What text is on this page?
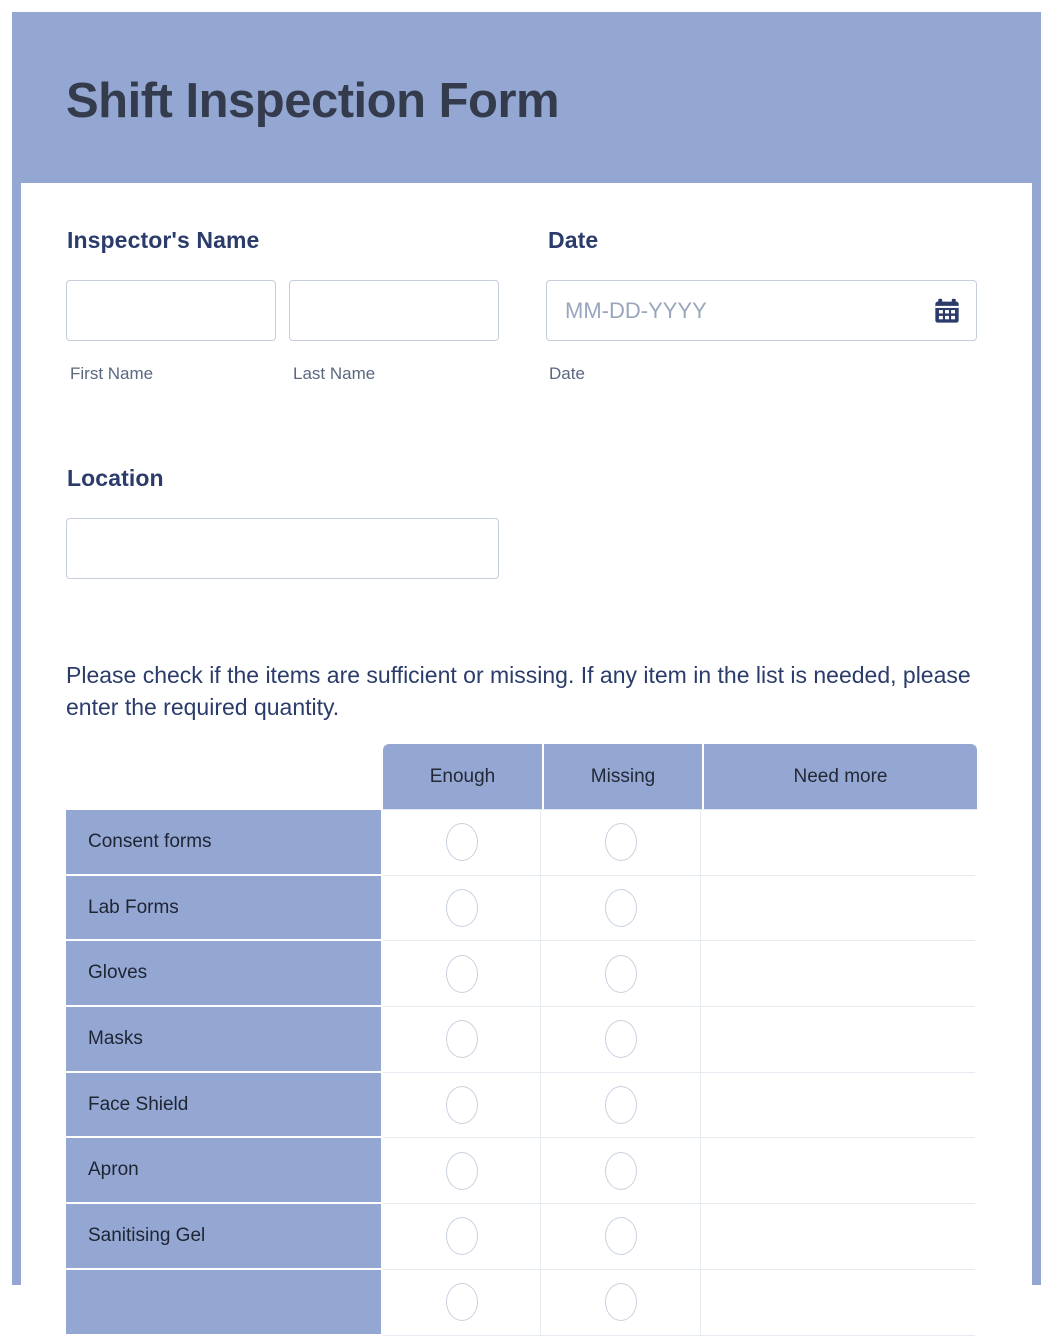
Shift Inspection Form
Inspector's Name
First Name	Last Name
Date
MM-DD-YYYY
Date
Location
Please check if the items are sufficient or missing. If any item in the list is needed, please enter the required quantity.
Enough	Missing	Need more
Consent forms
Lab Forms
Gloves
Masks
Face Shield
Apron
Sanitising Gel
